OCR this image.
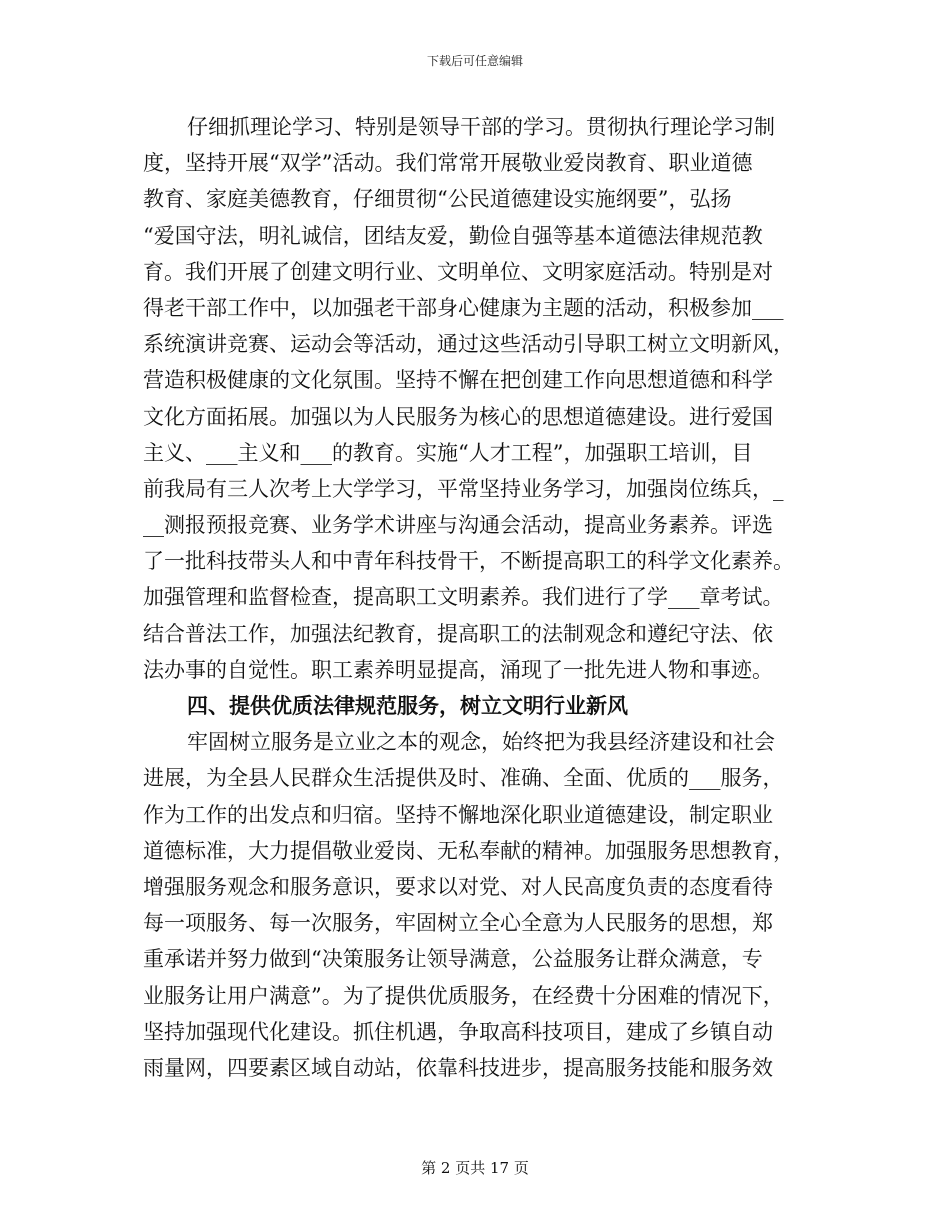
下载后可任意编辑
仔细抓理论学习、特别是领导干部的学习。贯彻执行理论学习制
度，坚持开展“双学”活动。我们常常开展敬业爱岗教育、职业道德
教育、家庭美德教育，仔细贯彻“公民道德建设实施纲要”，弘扬
“爱国守法，明礼诚信，团结友爱，勤俭自强等基本道德法律规范教
育。我们开展了创建文明行业、文明单位、文明家庭活动。特别是对
得老干部工作中，以加强老干部身心健康为主题的活动，积极参加___
系统演讲竞赛、运动会等活动，通过这些活动引导职工树立文明新风，
营造积极健康的文化氛围。坚持不懈在把创建工作向思想道德和科学
文化方面拓展。加强以为人民服务为核心的思想道德建设。进行爱国
主义、___主义和___的教育。实施“人才工程”，加强职工培训，目
前我局有三人次考上大学学习，平常坚持业务学习，加强岗位练兵，_
__测报预报竞赛、业务学术讲座与沟通会活动，提高业务素养。评选
了一批科技带头人和中青年科技骨干，不断提高职工的科学文化素养。
加强管理和监督检查，提高职工文明素养。我们进行了学___章考试。
结合普法工作，加强法纪教育，提高职工的法制观念和遵纪守法、依
法办事的自觉性。职工素养明显提高，涌现了一批先进人物和事迹。
四、提供优质法律规范服务，树立文明行业新风
牢固树立服务是立业之本的观念，始终把为我县经济建设和社会
进展，为全县人民群众生活提供及时、准确、全面、优质的___服务，
作为工作的出发点和归宿。坚持不懈地深化职业道德建设，制定职业
道德标准，大力提倡敬业爱岗、无私奉献的精神。加强服务思想教育，
增强服务观念和服务意识，要求以对党、对人民高度负责的态度看待
每一项服务、每一次服务，牢固树立全心全意为人民服务的思想，郑
重承诺并努力做到“决策服务让领导满意，公益服务让群众满意，专
业服务让用户满意”。为了提供优质服务，在经费十分困难的情况下，
坚持加强现代化建设。抓住机遇，争取高科技项目，建成了乡镇自动
雨量网，四要素区域自动站，依靠科技进步，提高服务技能和服务效
第 2 页共 17 页
